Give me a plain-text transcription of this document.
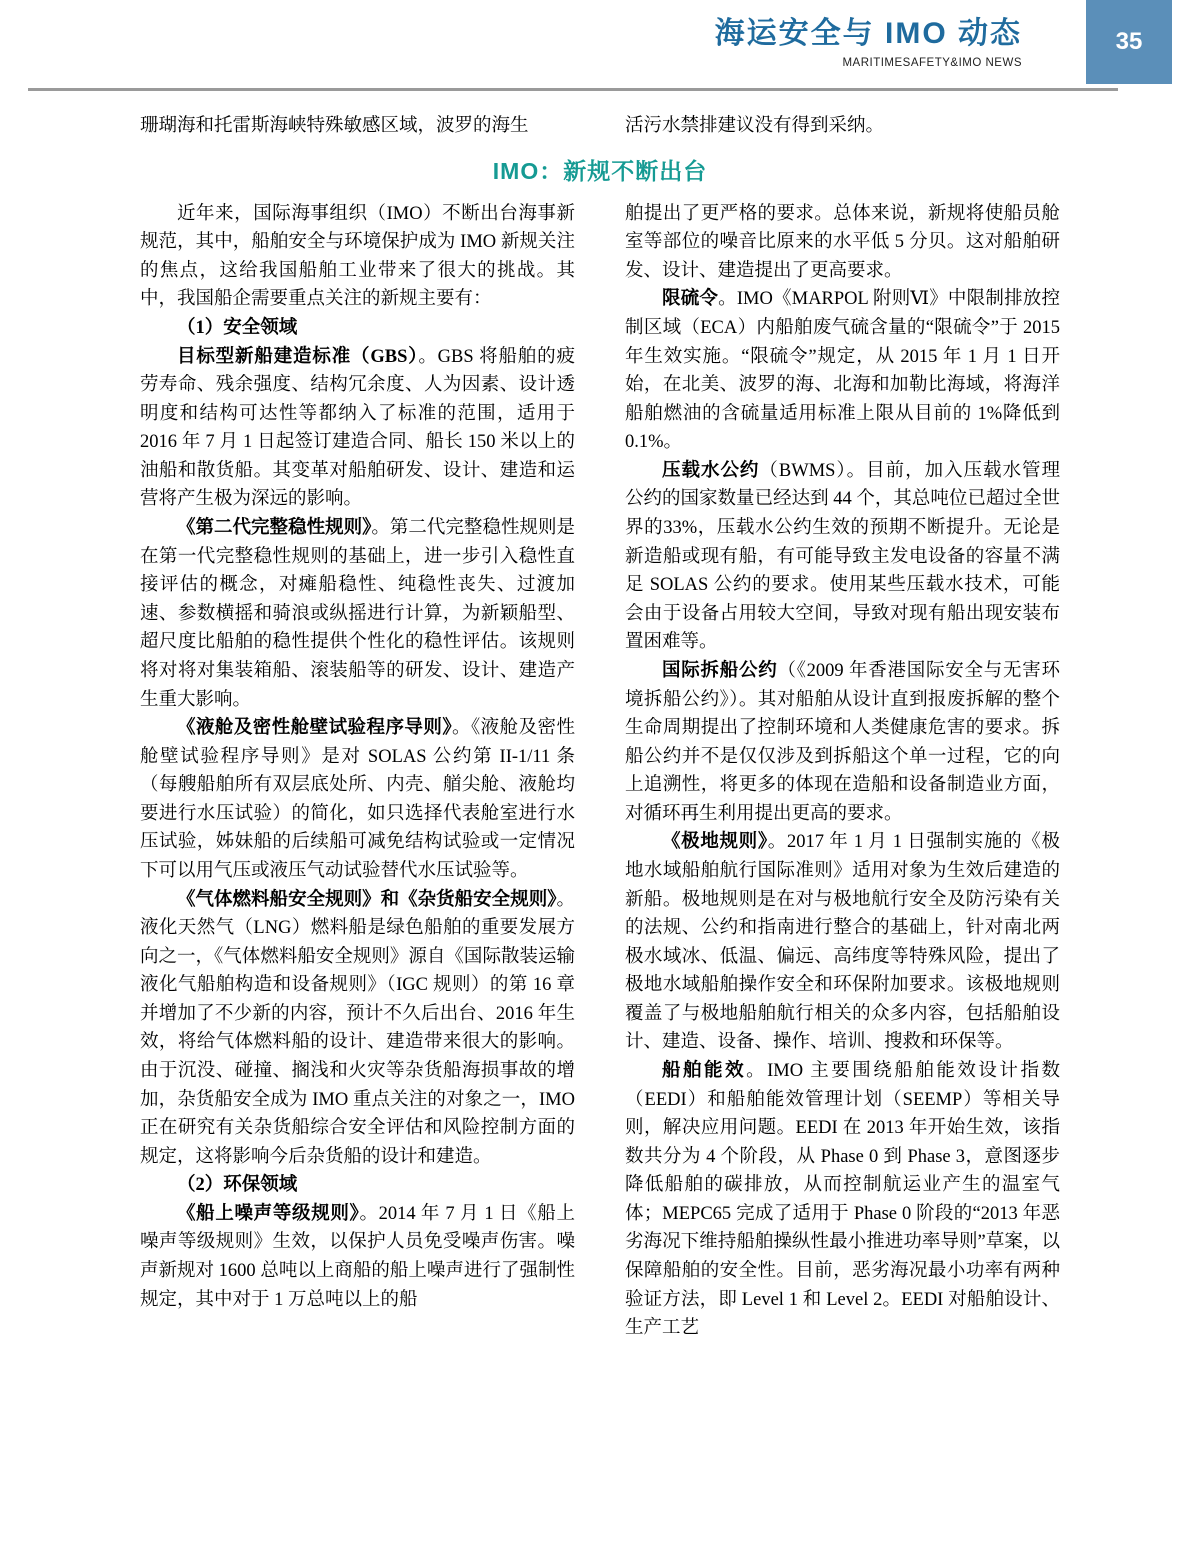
海运安全与 IMO 动态
MARITIMESAFETY&IMO NEWS
35
珊瑚海和托雷斯海峡特殊敏感区域，波罗的海生	活污水禁排建议没有得到采纳。
IMO：新规不断出台

近年来，国际海事组织（IMO）不断出台海事新规范，其中，船舶安全与环境保护成为 IMO 新规关注的焦点，这给我国船舶工业带来了很大的挑战。其中，我国船企需要重点关注的新规主要有：

（1）安全领域

目标型新船建造标准（GBS）。GBS 将船舶的疲劳寿命、残余强度、结构冗余度、人为因素、设计透明度和结构可达性等都纳入了标准的范围，适用于 2016 年 7 月 1 日起签订建造合同、船长 150 米以上的油船和散货船。其变革对船舶研发、设计、建造和运营将产生极为深远的影响。

《第二代完整稳性规则》。第二代完整稳性规则是在第一代完整稳性规则的基础上，进一步引入稳性直接评估的概念，对瘫船稳性、纯稳性丧失、过渡加速、参数横摇和骑浪或纵摇进行计算，为新颖船型、超尺度比船舶的稳性提供个性化的稳性评估。该规则将对将对集装箱船、滚装船等的研发、设计、建造产生重大影响。

《液舱及密性舱壁试验程序导则》。《液舱及密性舱壁试验程序导则》是对 SOLAS 公约第 II-1/11 条（每艘船舶所有双层底处所、内壳、艏尖舱、液舱均要进行水压试验）的简化，如只选择代表舱室进行水压试验，姊妹船的后续船可减免结构试验或一定情况下可以用气压或液压气动试验替代水压试验等。

《气体燃料船安全规则》和《杂货船安全规则》。液化天然气（LNG）燃料船是绿色船舶的重要发展方向之一，《气体燃料船安全规则》源自《国际散装运输液化气船舶构造和设备规则》（IGC 规则）的第 16 章并增加了不少新的内容，预计不久后出台、2016 年生效，将给气体燃料船的设计、建造带来很大的影响。由于沉没、碰撞、搁浅和火灾等杂货船海损事故的增加，杂货船安全成为 IMO 重点关注的对象之一，IMO 正在研究有关杂货船综合安全评估和风险控制方面的规定，这将影响今后杂货船的设计和建造。

（2）环保领域

《船上噪声等级规则》。2014 年 7 月 1 日《船上噪声等级规则》生效，以保护人员免受噪声伤害。噪声新规对 1600 总吨以上商船的船上噪声进行了强制性规定，其中对于 1 万总吨以上的船

舶提出了更严格的要求。总体来说，新规将使船员舱室等部位的噪音比原来的水平低 5 分贝。这对船舶研发、设计、建造提出了更高要求。

限硫令。IMO《MARPOL 附则Ⅵ》中限制排放控制区域（ECA）内船舶废气硫含量的“限硫令”于 2015 年生效实施。“限硫令”规定，从 2015 年 1 月 1 日开始，在北美、波罗的海、北海和加勒比海域，将海洋船舶燃油的含硫量适用标准上限从目前的 1%降低到 0.1%。

压载水公约（BWMS）。目前，加入压载水管理公约的国家数量已经达到 44 个，其总吨位已超过全世界的33%，压载水公约生效的预期不断提升。无论是新造船或现有船，有可能导致主发电设备的容量不满足 SOLAS 公约的要求。使用某些压载水技术，可能会由于设备占用较大空间，导致对现有船出现安装布置困难等。

国际拆船公约（《2009 年香港国际安全与无害环境拆船公约》）。其对船舶从设计直到报废拆解的整个生命周期提出了控制环境和人类健康危害的要求。拆船公约并不是仅仅涉及到拆船这个单一过程，它的向上追溯性，将更多的体现在造船和设备制造业方面，对循环再生利用提出更高的要求。

《极地规则》。2017 年 1 月 1 日强制实施的《极地水域船舶航行国际准则》适用对象为生效后建造的新船。极地规则是在对与极地航行安全及防污染有关的法规、公约和指南进行整合的基础上，针对南北两极水域冰、低温、偏远、高纬度等特殊风险，提出了极地水域船舶操作安全和环保附加要求。该极地规则覆盖了与极地船舶航行相关的众多内容，包括船舶设计、建造、设备、操作、培训、搜救和环保等。

船舶能效。IMO 主要围绕船舶能效设计指数（EEDI）和船舶能效管理计划（SEEMP）等相关导则，解决应用问题。EEDI 在 2013 年开始生效，该指数共分为 4 个阶段，从 Phase 0 到 Phase 3，意图逐步降低船舶的碳排放，从而控制航运业产生的温室气体；MEPC65 完成了适用于 Phase 0 阶段的“2013 年恶劣海况下维持船舶操纵性最小推进功率导则”草案，以保障船舶的安全性。目前，恶劣海况最小功率有两种验证方法，即 Level 1 和 Level 2。EEDI 对船舶设计、生产工艺
